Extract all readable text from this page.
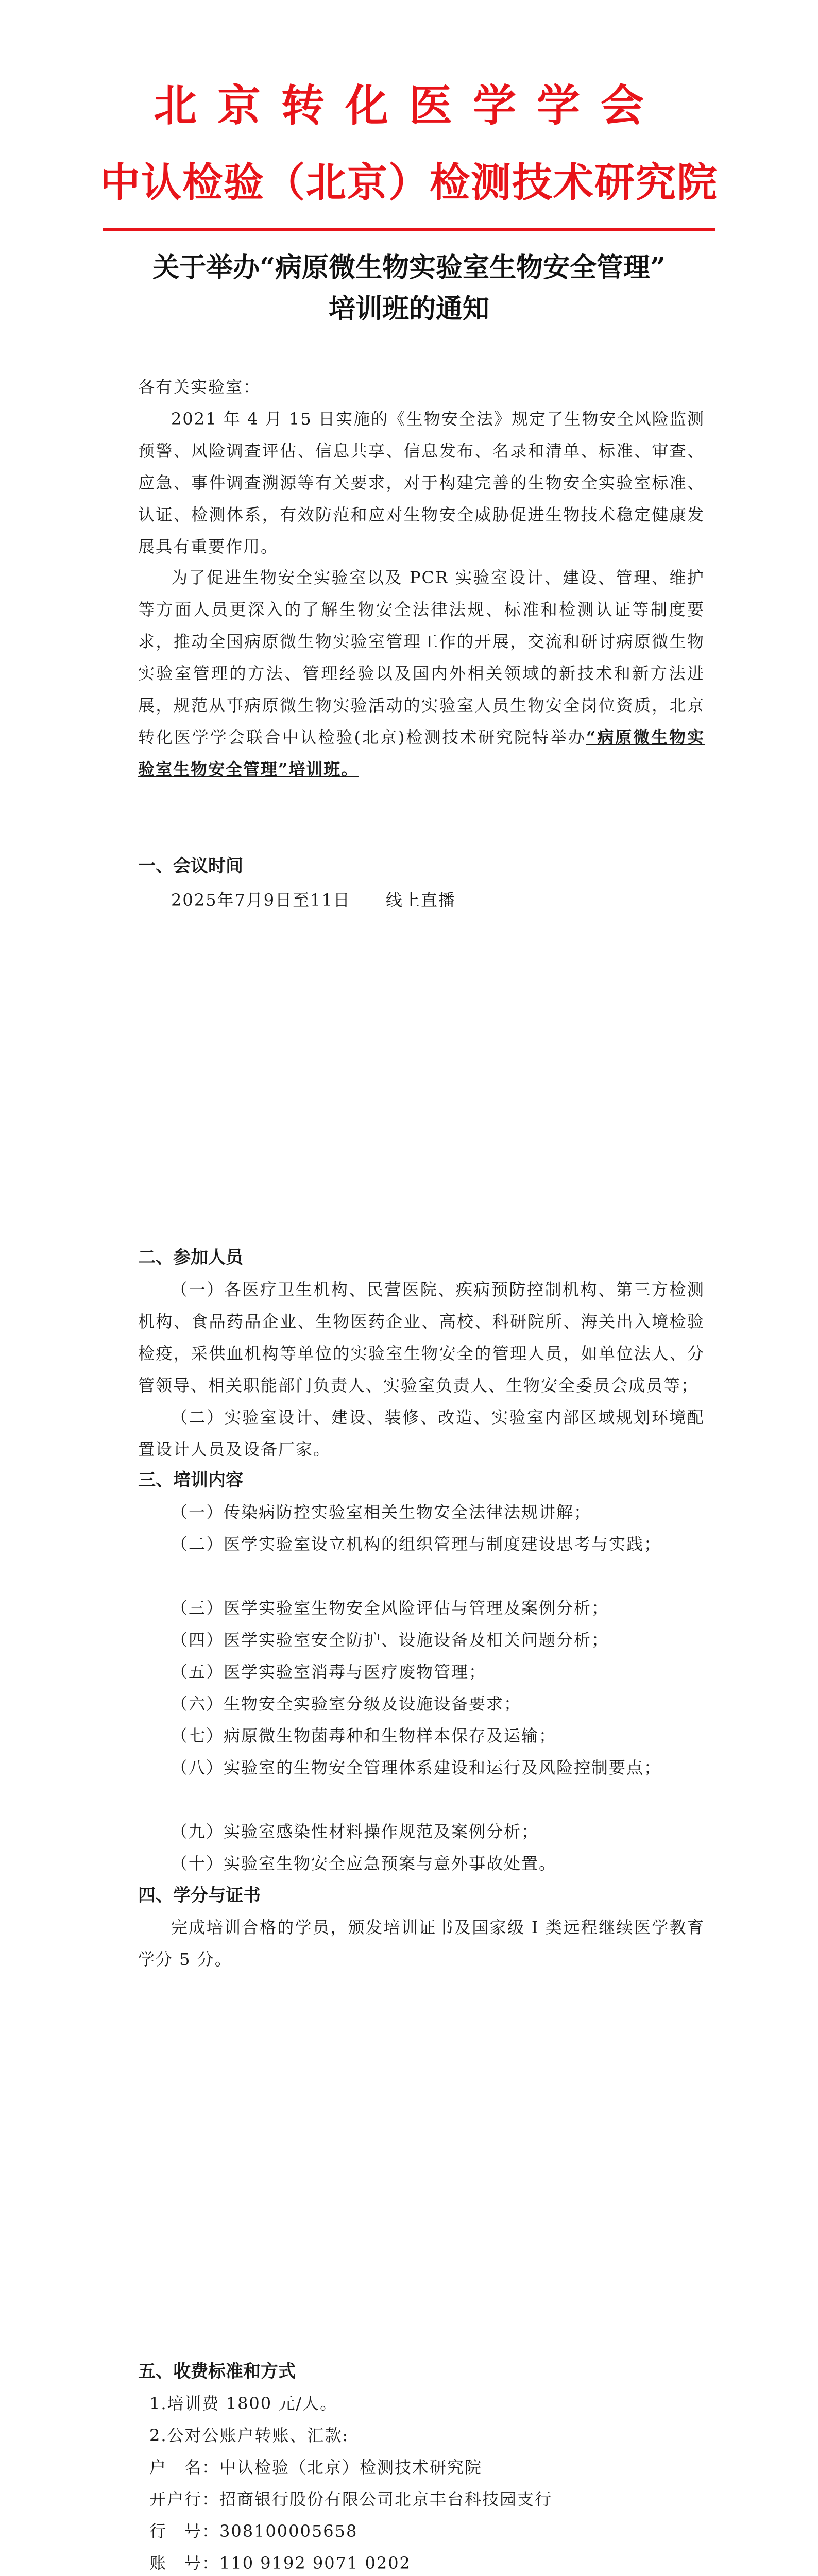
北京转化医学学会
中认检验（北京）检测技术研究院
关于举办“病原微生物实验室生物安全管理”
培训班的通知
各有关实验室：
2021 年 4 月 15 日实施的《生物安全法》规定了生物安全风险监测预警、风险调查评估、信息共享、信息发布、名录和清单、标准、审查、应急、事件调查溯源等有关要求，对于构建完善的生物安全实验室标准、认证、检测体系，有效防范和应对生物安全威胁促进生物技术稳定健康发展具有重要作用。
为了促进生物安全实验室以及 PCR 实验室设计、建设、管理、维护等方面人员更深入的了解生物安全法律法规、标准和检测认证等制度要求，推动全国病原微生物实验室管理工作的开展，交流和研讨病原微生物实验室管理的方法、管理经验以及国内外相关领域的新技术和新方法进展，规范从事病原微生物实验活动的实验室人员生物安全岗位资质，北京转化医学学会联合中认检验(北京)检测技术研究院特举办“病原微生物实验室生物安全管理”培训班。
一、会议时间
2025年7月9日至11日　　线上直播
二、参加人员
（一）各医疗卫生机构、民营医院、疾病预防控制机构、第三方检测机构、食品药品企业、生物医药企业、高校、科研院所、海关出入境检验检疫，采供血机构等单位的实验室生物安全的管理人员，如单位法人、分管领导、相关职能部门负责人、实验室负责人、生物安全委员会成员等；
（二）实验室设计、建设、装修、改造、实验室内部区域规划环境配置设计人员及设备厂家。
三、培训内容
（一）传染病防控实验室相关生物安全法律法规讲解；
（二）医学实验室设立机构的组织管理与制度建设思考与实践；
（三）医学实验室生物安全风险评估与管理及案例分析；
（四）医学实验室安全防护、设施设备及相关问题分析；
（五）医学实验室消毒与医疗废物管理；
（六）生物安全实验室分级及设施设备要求；
（七）病原微生物菌毒种和生物样本保存及运输；
（八）实验室的生物安全管理体系建设和运行及风险控制要点；
（九）实验室感染性材料操作规范及案例分析；
（十）实验室生物安全应急预案与意外事故处置。
四、学分与证书
完成培训合格的学员，颁发培训证书及国家级 I 类远程继续医学教育学分 5 分。
五、收费标准和方式
1.培训费 1800 元/人。
2.公对公账户转账、汇款:
户　名：中认检验（北京）检测技术研究院
开户行：招商银行股份有限公司北京丰台科技园支行
行　号：308100005658
账　号：110 9192 9071 0202
